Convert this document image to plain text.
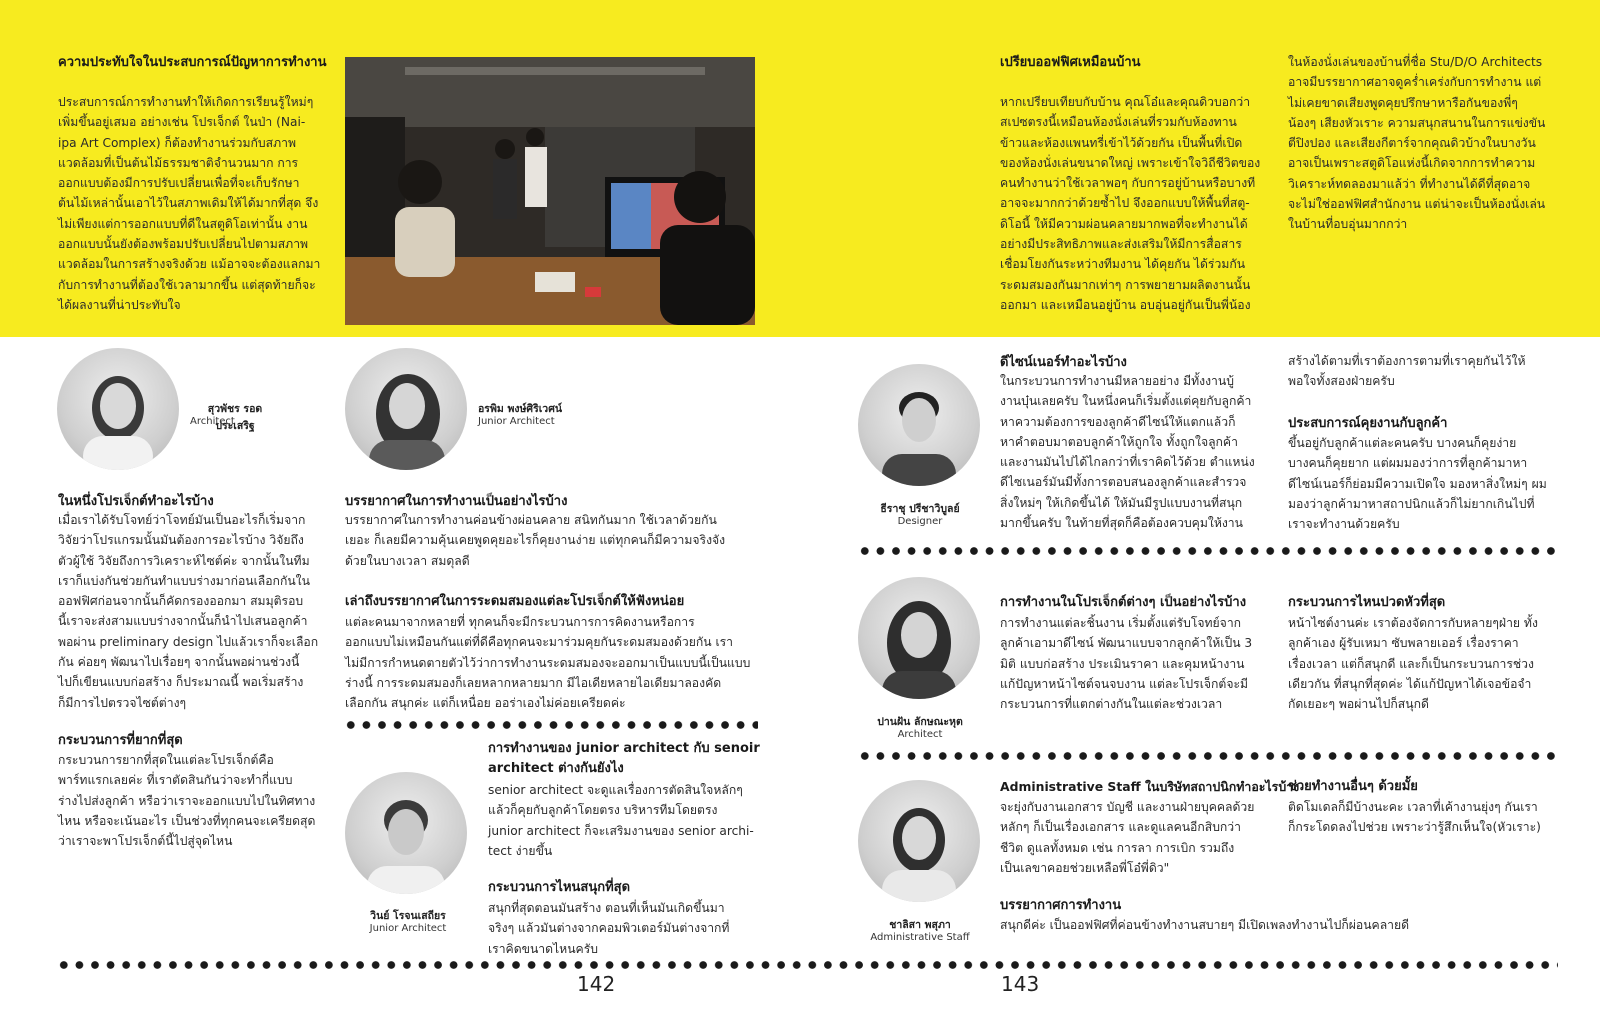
ความประทับใจในประสบการณ์ปัญหาการทำงาน
ประสบการณ์การทำงานทำให้เกิดการเรียนรู้ใหม่ๆ
เพิ่มขึ้นอยู่เสมอ อย่างเช่น โปรเจ็กต์ ในป่า (Nai-
ipa Art Complex) ก็ต้องทำงานร่วมกับสภาพ
แวดล้อมที่เป็นต้นไม้ธรรมชาติจำนวนมาก การ
ออกแบบต้องมีการปรับเปลี่ยนเพื่อที่จะเก็บรักษา
ต้นไม้เหล่านั้นเอาไว้ในสภาพเดิมให้ได้มากที่สุด จึง
ไม่เพียงแต่การออกแบบที่ดีในสตูดิโอเท่านั้น งาน
ออกแบบนั้นยังต้องพร้อมปรับเปลี่ยนไปตามสภาพ
แวดล้อมในการสร้างจริงด้วย แม้อาจจะต้องแลกมา
กับการทำงานที่ต้องใช้เวลามากขึ้น แต่สุดท้ายก็จะ
ได้ผลงานที่น่าประทับใจ
สุวพัชร รอดประเสริฐ
Architect
อรพิม พงษ์ศิริเวศน์
Junior Architect
ในหนึ่งโปรเจ็กต์ทำอะไรบ้าง
เมื่อเราได้รับโจทย์ว่าโจทย์มันเป็นอะไรก็เริ่มจาก
วิจัยว่าโปรแกรมนั้นมันต้องการอะไรบ้าง วิจัยถึง
ตัวผู้ใช้ วิจัยถึงการวิเคราะห์ไซต์ค่ะ จากนั้นในทีม
เราก็แบ่งกันช่วยกันทำแบบร่างมาก่อนเลือกกันใน
ออฟฟิศก่อนจากนั้นก็คัดกรองออกมา สมมุติรอบ
นี้เราจะส่งสามแบบร่างจากนั้นก็นำไปเสนอลูกค้า
พอผ่าน preliminary design ไปแล้วเราก็จะเลือก
กัน ค่อยๆ พัฒนาไปเรื่อยๆ จากนั้นพอผ่านช่วงนี้
ไปก็เขียนแบบก่อสร้าง ก็ประมาณนี้ พอเริ่มสร้าง
ก็มีการไปตรวจไซต์ต่างๆ
กระบวนการที่ยากที่สุด
กระบวนการยากที่สุดในแต่ละโปรเจ็กต์คือ
พาร์ทแรกเลยค่ะ ที่เราตัดสินกันว่าจะทำกี่แบบ
ร่างไปส่งลูกค้า หรือว่าเราจะออกแบบไปในทิศทาง
ไหน หรือจะเน้นอะไร เป็นช่วงที่ทุกคนจะเครียดสุด
ว่าเราจะพาโปรเจ็กต์นี้ไปสู่จุดไหน
บรรยากาศในการทำงานเป็นอย่างไรบ้าง
บรรยากาศในการทำงานค่อนข้างผ่อนคลาย สนิทกันมาก ใช้เวลาด้วยกัน
เยอะ ก็เลยมีความคุ้นเคยพูดคุยอะไรก็คุยงานง่าย แต่ทุกคนก็มีความจริงจัง
ด้วยในบางเวลา สมดุลดี
เล่าถึงบรรยากาศในการระดมสมองแต่ละโปรเจ็กต์ให้ฟังหน่อย
แต่ละคนมาจากหลายที่ ทุกคนก็จะมีกระบวนการการคิดงานหรือการ
ออกแบบไม่เหมือนกันแต่ที่ดีคือทุกคนจะมาร่วมคุยกันระดมสมองด้วยกัน เรา
ไม่มีการกำหนดตายตัวไว้ว่าการทำงานระดมสมองจะออกมาเป็นแบบนี้เป็นแบบ
ร่างนี้ การระดมสมองก็เลยหลากหลายมาก มีไอเดียหลายไอเดียมาลองคัด
เลือกกัน สนุกค่ะ แต่ก็เหนื่อย ออร่าเองไม่ค่อยเครียดค่ะ
วินย์ โรจนเสถียร
Junior Architect
การทำงานของ junior architect กับ senoir
architect ต่างกันยังไง
senior architect จะดูแลเรื่องการตัดสินใจหลักๆ
แล้วก็คุยกับลูกค้าโดยตรง บริหารทีมโดยตรง
junior architect ก็จะเสริมงานของ senior archi-
tect ง่ายขึ้น
กระบวนการไหนสนุกที่สุด
สนุกที่สุดตอนมันสร้าง ตอนที่เห็นมันเกิดขึ้นมา
จริงๆ แล้วมันต่างจากคอมพิวเตอร์มันต่างจากที่
เราคิดขนาดไหนครับ
เปรียบออฟฟิศเหมือนบ้าน
หากเปรียบเทียบกับบ้าน คุณโอ๋และคุณดิวบอกว่า
สเปซตรงนี้เหมือนห้องนั่งเล่นที่รวมกับห้องทาน
ข้าวและห้องแพนทรี่เข้าไว้ด้วยกัน เป็นพื้นที่เปิด
ของห้องนั่งเล่นขนาดใหญ่ เพราะเข้าใจวิถีชีวิตของ
คนทำงานว่าใช้เวลาพอๆ กับการอยู่บ้านหรือบางที
อาจจะมากกว่าด้วยซ้ำไป จึงออกแบบให้พื้นที่สตู-
ดิโอนี้ ให้มีความผ่อนคลายมากพอที่จะทำงานได้
อย่างมีประสิทธิภาพและส่งเสริมให้มีการสื่อสาร
เชื่อมโยงกันระหว่างทีมงาน ได้คุยกัน ได้ร่วมกัน
ระดมสมองกันมากเท่าๆ การพยายามผลิตงานนั้น
ออกมา และเหมือนอยู่บ้าน อบอุ่นอยู่กันเป็นพี่น้อง
ในห้องนั่งเล่นของบ้านที่ชื่อ Stu/D/O Architects
อาจมีบรรยากาศอาจดูคร่ำเคร่งกับการทำงาน แต่
ไม่เคยขาดเสียงพูดคุยปรึกษาหารือกันของพี่ๆ
น้องๆ เสียงหัวเราะ ความสนุกสนานในการแข่งขัน
ตีปิงปอง และเสียงกีตาร์จากคุณดิวบ้างในบางวัน
อาจเป็นเพราะสตูดิโอแห่งนี้เกิดจากการทำความ
วิเคราะห์ทดลองมาแล้ว่า ที่ทำงานได้ดีที่สุดอาจ
จะไม่ใช่ออฟฟิศสำนักงาน แต่น่าจะเป็นห้องนั่งเล่น
ในบ้านที่อบอุ่นมากกว่า
ธีราชุ ปรีชาวิบูลย์
Designer
ดีไซน์เนอร์ทำอะไรบ้าง
ในกระบวนการทำงานมีหลายอย่าง มีทั้งงานบู้
งานบุ๋นเลยครับ ในหนึ่งคนก็เริ่มตั้งแต่คุยกับลูกค้า
หาความต้องการของลูกค้าดีไซน์ให้แตกแล้วก็
หาคำตอบมาตอบลูกค้าให้ถูกใจ ทั้งถูกใจลูกค้า
และงานมันไปได้ไกลกว่าที่เราคิดไว้ด้วย ตำแหน่ง
ดีไซเนอร์มันมีทั้งการตอบสนองลูกค้าและสำรวจ
สิ่งใหม่ๆ ให้เกิดขึ้นได้ ให้มันมีรูปแบบงานที่สนุก
มากขึ้นครับ ในท้ายที่สุดก็คือต้องควบคุมให้งาน
สร้างได้ตามที่เราต้องการตามที่เราคุยกันไว้ให้
พอใจทั้งสองฝ่ายครับ
ประสบการณ์คุยงานกับลูกค้า
ขึ้นอยู่กับลูกค้าแต่ละคนครับ บางคนก็คุยง่าย
บางคนก็คุยยาก แต่ผมมองว่าการที่ลูกค้ามาหา
ดีไซน์เนอร์ก็ย่อมมีความเปิดใจ มองหาสิ่งใหม่ๆ ผม
มองว่าลูกค้ามาหาสถาปนิกแล้วก็ไม่ยากเกินไปที่
เราจะทำงานด้วยครับ
ปานฝัน ลักษณะหุต
Architect
การทำงานในโปรเจ็กต์ต่างๆ เป็นอย่างไรบ้าง
การทำงานแต่ละชิ้นงาน เริ่มตั้งแต่รับโจทย์จาก
ลูกค้าเอามาดีไซน์ พัฒนาแบบจากลูกค้าให้เป็น 3
มิติ แบบก่อสร้าง ประเมินราคา และคุมหน้างาน
แก้ปัญหาหน้าไซต์จนจบงาน แต่ละโปรเจ็กต์จะมี
กระบวนการที่แตกต่างกันในแต่ละช่วงเวลา
กระบวนการไหนปวดหัวที่สุด
หน้าไซต์งานค่ะ เราต้องจัดการกับหลายๆฝ่าย ทั้ง
ลูกค้าเอง ผู้รับเหมา ซับพลายเออร์ เรื่องราคา
เรื่องเวลา แต่ก็สนุกดี และก็เป็นกระบวนการช่วง
เดียวกัน ที่สนุกที่สุดค่ะ ได้แก้ปัญหาได้เจอข้อจำ
กัดเยอะๆ พอผ่านไปก็สนุกดี
ชาลิสา พสุภา
Administrative Staff
Administrative Staff ในบริษัทสถาปนิกทำอะไรบ้าง
จะยุ่งกับงานเอกสาร บัญชี และงานฝ่ายบุคคลด้วย
หลักๆ ก็เป็นเรื่องเอกสาร และดูแลคนอีกสิบกว่า
ชีวิต ดูแลทั้งหมด เช่น การลา การเบิก รวมถึง
เป็นเลขาคอยช่วยเหลือพี่โอ๋พี่ดิว"
ช่วยทำงานอื่นๆ ด้วยมั้ย
ติดโมเดลก็มีบ้างนะคะ เวลาที่เค้างานยุ่งๆ กันเรา
ก็กระโดดลงไปช่วย เพราะว่ารู้สึกเห็นใจ(หัวเราะ)
บรรยากาศการทำงาน
สนุกดีค่ะ เป็นออฟฟิศที่ค่อนข้างทำงานสบายๆ มีเปิดเพลงทำงานไปก็ผ่อนคลายดี
142	143
